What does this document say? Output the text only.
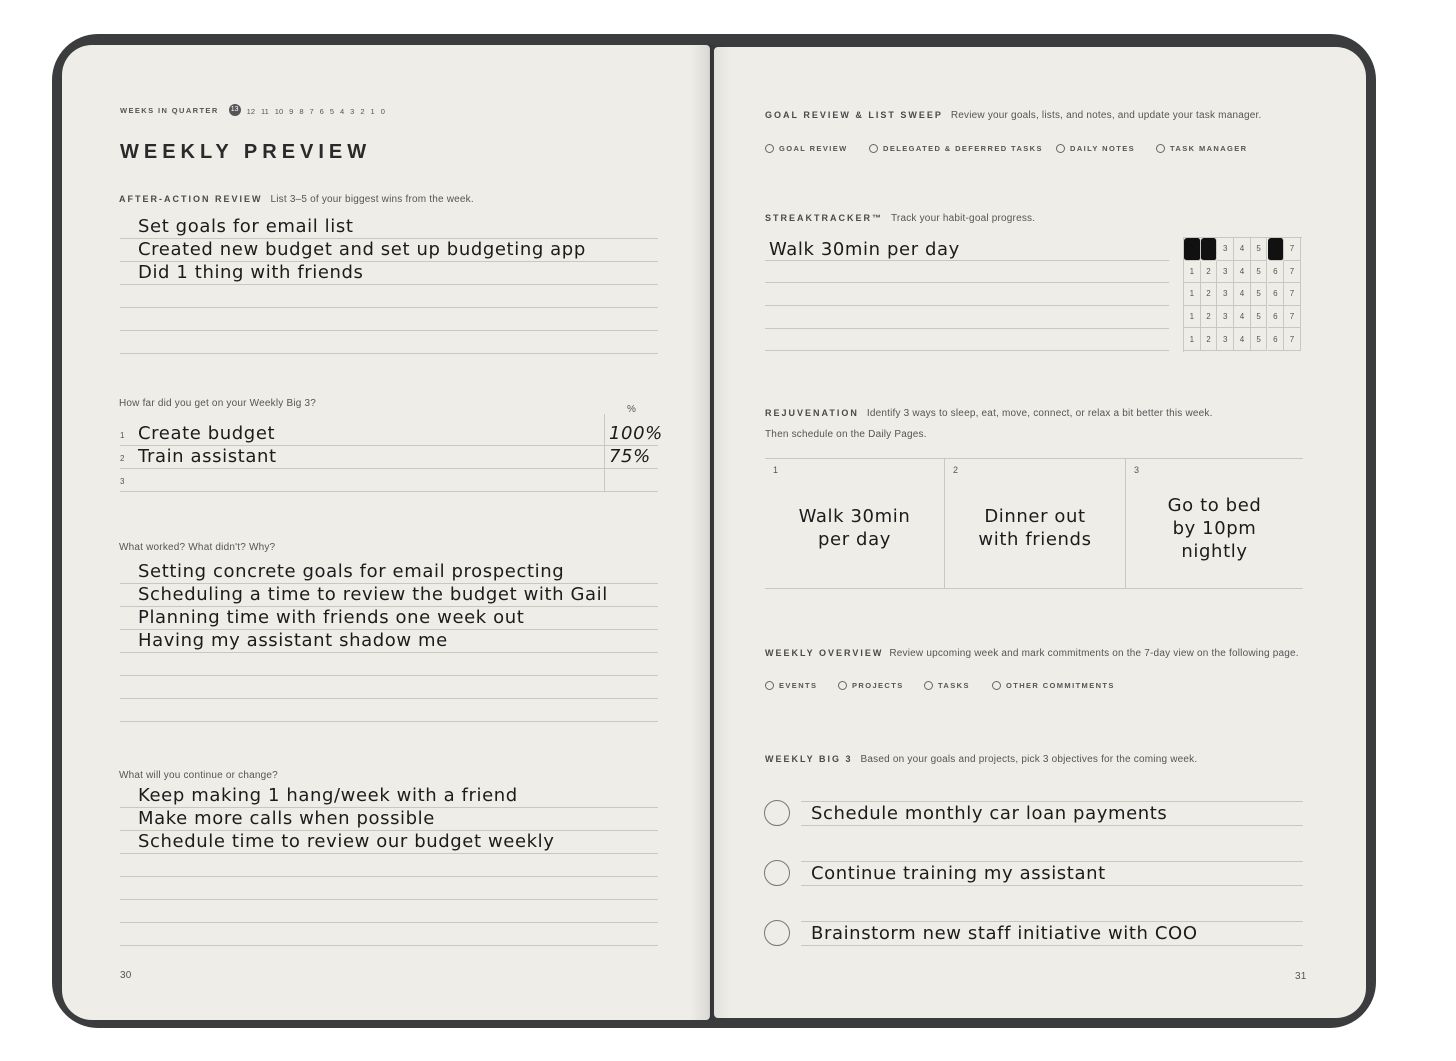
WEEKS IN QUARTER 13 12 11 10 9 8 7 6 5 4 3 2 1 0
WEEKLY PREVIEW
AFTER-ACTION REVIEW List 3–5 of your biggest wins from the week.
Set goals for email list
Created new budget and set up budgeting app
Did 1 thing with friends
How far did you get on your Weekly Big 3?
%
1 Create budget	100%
2 Train assistant	75%
3
What worked? What didn't? Why?
Setting concrete goals for email prospecting
Scheduling a time to review the budget with Gail
Planning time with friends one week out
Having my assistant shadow me
What will you continue or change?
Keep making 1 hang/week with a friend
Make more calls when possible
Schedule time to review our budget weekly
30
GOAL REVIEW & LIST SWEEP Review your goals, lists, and notes, and update your task manager.
GOAL REVIEW	DELEGATED & DEFERRED TASKS	DAILY NOTES	TASK MANAGER
STREAKTRACKER™ Track your habit-goal progress.
Walk 30min per day	1	2	3	4	5	6	7
1	2	3	4	5	6	7
1	2	3	4	5	6	7
1	2	3	4	5	6	7
1	2	3	4	5	6	7
REJUVENATION Identify 3 ways to sleep, eat, move, connect, or relax a bit better this week.
Then schedule on the Daily Pages.
1
Walk 30min
per day
2
Dinner out
with friends
3
Go to bed
by 10pm
nightly
WEEKLY OVERVIEW Review upcoming week and mark commitments on the 7-day view on the following page.
EVENTS	PROJECTS	TASKS	OTHER COMMITMENTS
WEEKLY BIG 3 Based on your goals and projects, pick 3 objectives for the coming week.
Schedule monthly car loan payments
Continue training my assistant
Brainstorm new staff initiative with COO
31
